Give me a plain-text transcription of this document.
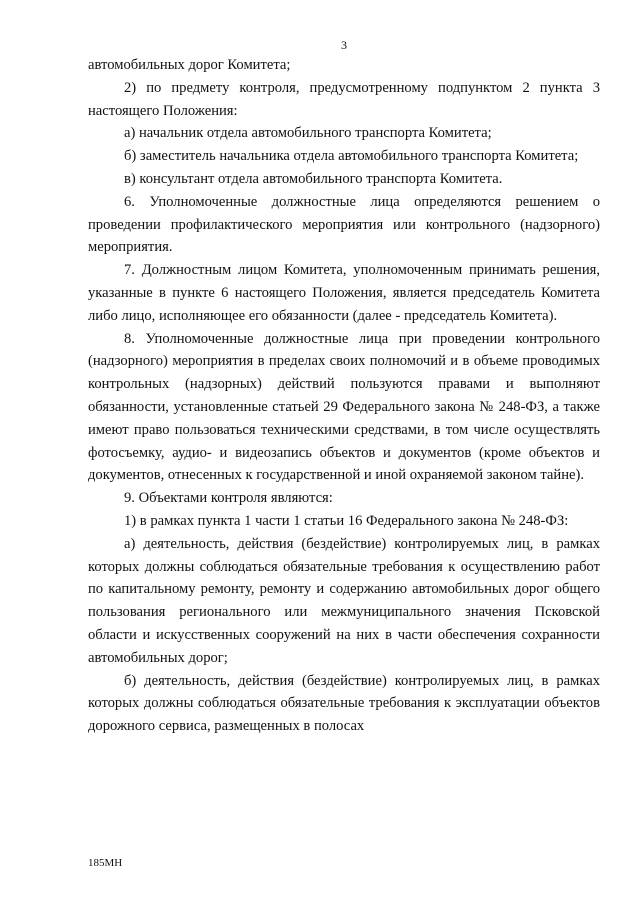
3

автомобильных дорог Комитета;

2) по предмету контроля, предусмотренному подпунктом 2 пункта 3 настоящего Положения:

а) начальник отдела автомобильного транспорта Комитета;

б) заместитель начальника отдела автомобильного транспорта Комитета;

в) консультант отдела автомобильного транспорта Комитета.

6. Уполномоченные должностные лица определяются решением о проведении профилактического мероприятия или контрольного (надзорного) мероприятия.

7. Должностным лицом Комитета, уполномоченным принимать решения, указанные в пункте 6 настоящего Положения, является председатель Комитета либо лицо, исполняющее его обязанности (далее - председатель Комитета).

8. Уполномоченные должностные лица при проведении контрольного (надзорного) мероприятия в пределах своих полномочий и в объеме проводимых контрольных (надзорных) действий пользуются правами и выполняют обязанности, установленные статьей 29 Федерального закона № 248-ФЗ, а также имеют право пользоваться техническими средствами, в том числе осуществлять фотосъемку, аудио- и видеозапись объектов и документов (кроме объектов и документов, отнесенных к государственной и иной охраняемой законом тайне).

9. Объектами контроля являются:

1) в рамках пункта 1 части 1 статьи 16 Федерального закона № 248-ФЗ:

а) деятельность, действия (бездействие) контролируемых лиц, в рамках которых должны соблюдаться обязательные требования к осуществлению работ по капитальному ремонту, ремонту и содержанию автомобильных дорог общего пользования регионального или межмуниципального значения Псковской области и искусственных сооружений на них в части обеспечения сохранности автомобильных дорог;

б) деятельность, действия (бездействие) контролируемых лиц, в рамках которых должны соблюдаться обязательные требования к эксплуатации объектов дорожного сервиса, размещенных в полосах

185МН
